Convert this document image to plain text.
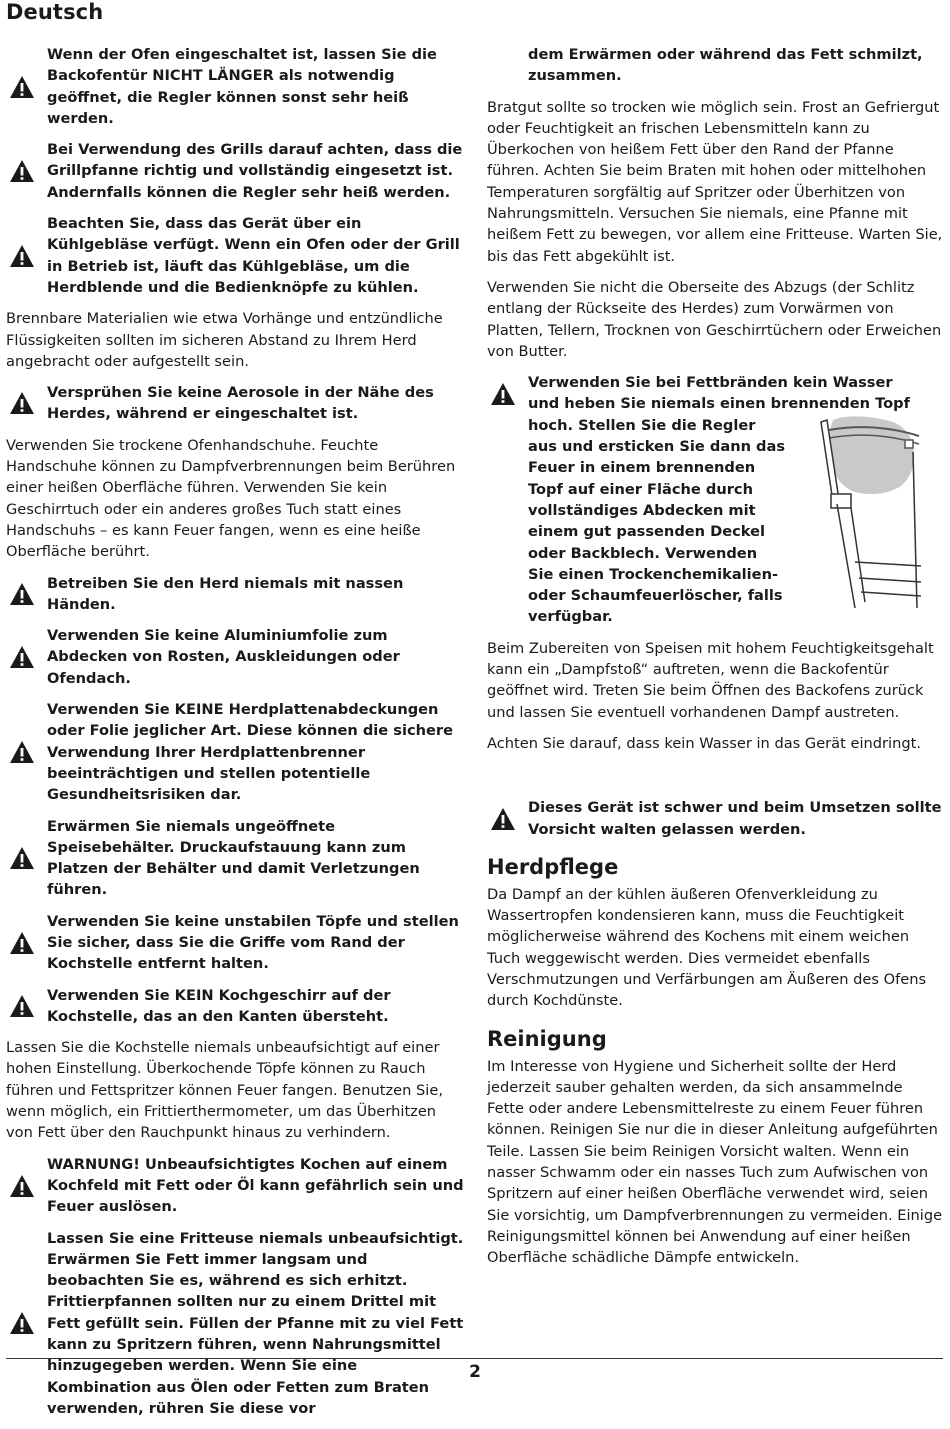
Deutsch
Wenn der Ofen eingeschaltet ist, lassen Sie die Backofentür NICHT LÄNGER als notwendig geöffnet, die Regler können sonst sehr heiß werden.
Bei Verwendung des Grills darauf achten, dass die Grillpfanne richtig und vollständig eingesetzt ist. Andernfalls können die Regler sehr heiß werden.
Beachten Sie, dass das Gerät über ein Kühlgebläse verfügt. Wenn ein Ofen oder der Grill in Betrieb ist, läuft das Kühlgebläse, um die Herdblende und die Bedienknöpfe zu kühlen.

Brennbare Materialien wie etwa Vorhänge und entzündliche Flüssigkeiten sollten im sicheren Abstand zu Ihrem Herd angebracht oder aufgestellt sein.

Versprühen Sie keine Aerosole in der Nähe des Herdes, während er eingeschaltet ist.

Verwenden Sie trockene Ofenhandschuhe. Feuchte Handschuhe können zu Dampfverbrennungen beim Berühren einer heißen Oberfläche führen. Verwenden Sie kein Geschirrtuch oder ein anderes großes Tuch statt eines Handschuhs – es kann Feuer fangen, wenn es eine heiße Oberfläche berührt.

Betreiben Sie den Herd niemals mit nassen Händen.
Verwenden Sie keine Aluminiumfolie zum Abdecken von Rosten, Auskleidungen oder Ofendach.
Verwenden Sie KEINE Herdplattenabdeckungen oder Folie jeglicher Art. Diese können die sichere Verwendung Ihrer Herdplattenbrenner beeinträchtigen und stellen potentielle Gesundheitsrisiken dar.
Erwärmen Sie niemals ungeöffnete Speisebehälter. Druckaufstauung kann zum Platzen der Behälter und damit Verletzungen führen.
Verwenden Sie keine unstabilen Töpfe und stellen Sie sicher, dass Sie die Griffe vom Rand der Kochstelle entfernt halten.
Verwenden Sie KEIN Kochgeschirr auf der Kochstelle, das an den Kanten übersteht.

Lassen Sie die Kochstelle niemals unbeaufsichtigt auf einer hohen Einstellung. Überkochende Töpfe können zu Rauch führen und Fettspritzer können Feuer fangen. Benutzen Sie, wenn möglich, ein Frittierthermometer, um das Überhitzen von Fett über den Rauchpunkt hinaus zu verhindern.

WARNUNG! Unbeaufsichtigtes Kochen auf einem Kochfeld mit Fett oder Öl kann gefährlich sein und Feuer auslösen.
Lassen Sie eine Fritteuse niemals unbeaufsichtigt. Erwärmen Sie Fett immer langsam und beobachten Sie es, während es sich erhitzt. Frittierpfannen sollten nur zu einem Drittel mit Fett gefüllt sein. Füllen der Pfanne mit zu viel Fett kann zu Spritzern führen, wenn Nahrungsmittel hinzugegeben werden. Wenn Sie eine Kombination aus Ölen oder Fetten zum Braten verwenden, rühren Sie diese vor
dem Erwärmen oder während das Fett schmilzt, zusammen.

Bratgut sollte so trocken wie möglich sein. Frost an Gefriergut oder Feuchtigkeit an frischen Lebensmitteln kann zu Überkochen von heißem Fett über den Rand der Pfanne führen. Achten Sie beim Braten mit hohen oder mittelhohen Temperaturen sorgfältig auf Spritzer oder Überhitzen von Nahrungsmitteln. Versuchen Sie niemals, eine Pfanne mit heißem Fett zu bewegen, vor allem eine Fritteuse. Warten Sie, bis das Fett abgekühlt ist.

Verwenden Sie nicht die Oberseite des Abzugs (der Schlitz entlang der Rückseite des Herdes) zum Vorwärmen von Platten, Tellern, Trocknen von Geschirrtüchern oder Erweichen von Butter.

Verwenden Sie bei Fettbränden kein Wasser
und heben Sie niemals einen brennenden Topf
hoch. Stellen Sie die Regler
aus und ersticken Sie dann das
Feuer in einem brennenden
Topf auf einer Fläche durch
vollständiges Abdecken mit
einem gut passenden Deckel
oder Backblech. Verwenden
Sie einen Trockenchemikalien-
oder Schaumfeuerlöscher, falls
verfügbar.

Beim Zubereiten von Speisen mit hohem Feuchtigkeitsgehalt kann ein „Dampfstoß“ auftreten, wenn die Backofentür geöffnet wird. Treten Sie beim Öffnen des Backofens zurück und lassen Sie eventuell vorhandenen Dampf austreten.

Achten Sie darauf, dass kein Wasser in das Gerät eindringt.

Dieses Gerät ist schwer und beim Umsetzen sollte Vorsicht walten gelassen werden.
Herdpflege

Da Dampf an der kühlen äußeren Ofenverkleidung zu Wassertropfen kondensieren kann, muss die Feuchtigkeit möglicherweise während des Kochens mit einem weichen Tuch weggewischt werden. Dies vermeidet ebenfalls Verschmutzungen und Verfärbungen am Äußeren des Ofens durch Kochdünste.

Reinigung

Im Interesse von Hygiene und Sicherheit sollte der Herd jederzeit sauber gehalten werden, da sich ansammelnde Fette oder andere Lebensmittelreste zu einem Feuer führen können. Reinigen Sie nur die in dieser Anleitung aufgeführten Teile. Lassen Sie beim Reinigen Vorsicht walten. Wenn ein nasser Schwamm oder ein nasses Tuch zum Aufwischen von Spritzern auf einer heißen Oberfläche verwendet wird, seien Sie vorsichtig, um Dampfverbrennungen zu vermeiden. Einige Reinigungsmittel können bei Anwendung auf einer heißen Oberfläche schädliche Dämpfe entwickeln.

2
